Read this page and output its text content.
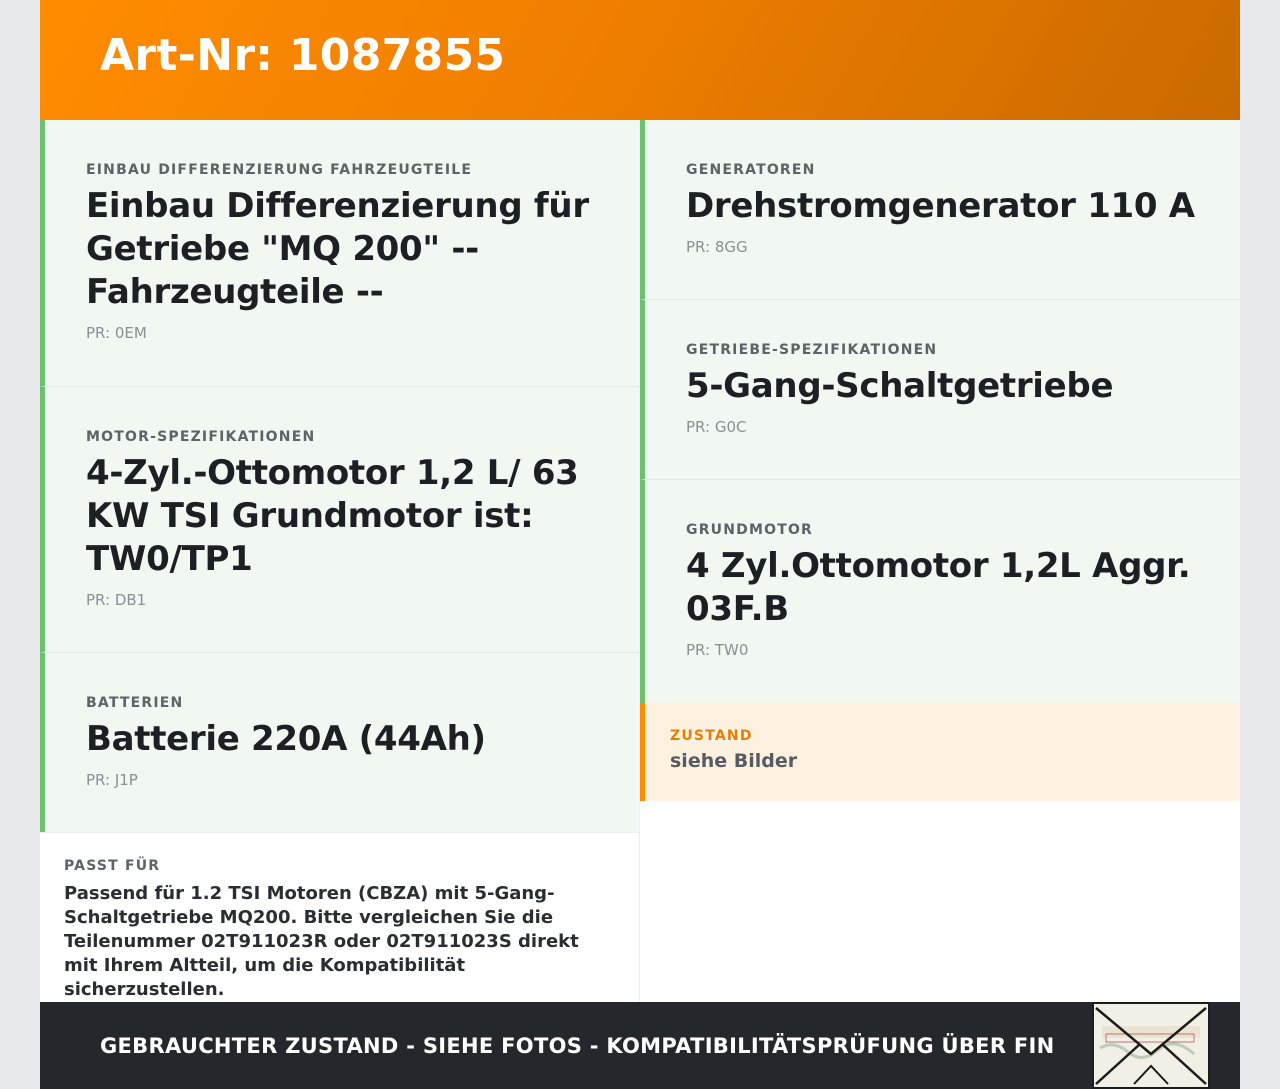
Art-Nr: 1087855
EINBAU DIFFERENZIERUNG FAHRZEUGTEILE
Einbau Differenzierung für Getriebe "MQ 200" -- Fahrzeugteile --
PR: 0EM
MOTOR-SPEZIFIKATIONEN
4-Zyl.-Ottomotor 1,2 L/ 63 KW TSI Grundmotor ist: TW0/TP1
PR: DB1
BATTERIEN
Batterie 220A (44Ah)
PR: J1P
GENERATOREN
Drehstromgenerator 110 A
PR: 8GG
GETRIEBE-SPEZIFIKATIONEN
5-Gang-Schaltgetriebe
PR: G0C
GRUNDMOTOR
4 Zyl.Ottomotor 1,2L Aggr. 03F.B
PR: TW0
ZUSTAND
siehe Bilder
PASST FÜR
Passend für 1.2 TSI Motoren (CBZA) mit 5-Gang-Schaltgetriebe MQ200. Bitte vergleichen Sie die Teilenummer 02T911023R oder 02T911023S direkt mit Ihrem Altteil, um die Kompatibilität sicherzustellen.
GEBRAUCHTER ZUSTAND - SIEHE FOTOS - KOMPATIBILITÄTSPRÜFUNG ÜBER FIN
